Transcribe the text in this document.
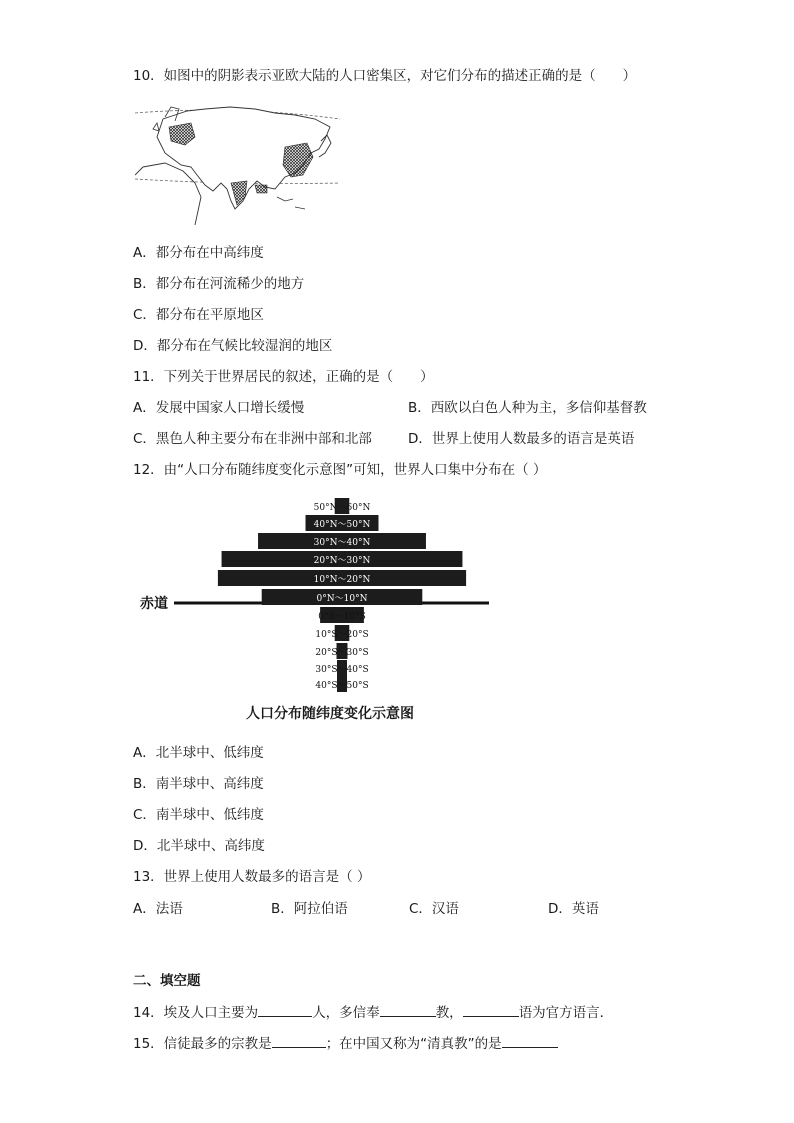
10．如图中的阴影表示亚欧大陆的人口密集区，对它们分布的描述正确的是（　　）
A．都分布在中高纬度
B．都分布在河流稀少的地方
C．都分布在平原地区
D．都分布在气候比较湿润的地区
11．下列关于世界居民的叙述，正确的是（　　）
A．发展中国家人口增长缓慢	B．西欧以白色人种为主，多信仰基督教
C．黑色人种主要分布在非洲中部和北部	D．世界上使用人数最多的语言是英语
12．由“人口分布随纬度变化示意图”可知，世界人口集中分布在（ ）
赤道
50°N～60°N
40°N～50°N
30°N～40°N
20°N～30°N
10°N～20°N
0°N～10°N
0°S～10°S
10°S～20°S
20°S～30°S
30°S～40°S
40°S～50°S
人口分布随纬度变化示意图
A．北半球中、低纬度
B．南半球中、高纬度
C．南半球中、低纬度
D．北半球中、高纬度
13．世界上使用人数最多的语言是（ ）
A．法语	B．阿拉伯语	C．汉语	D．英语
二、填空题
14．埃及人口主要为	人，多信奉	教，	语为官方语言．
15．信徒最多的宗教是	；在中国又称为“清真教”的是
